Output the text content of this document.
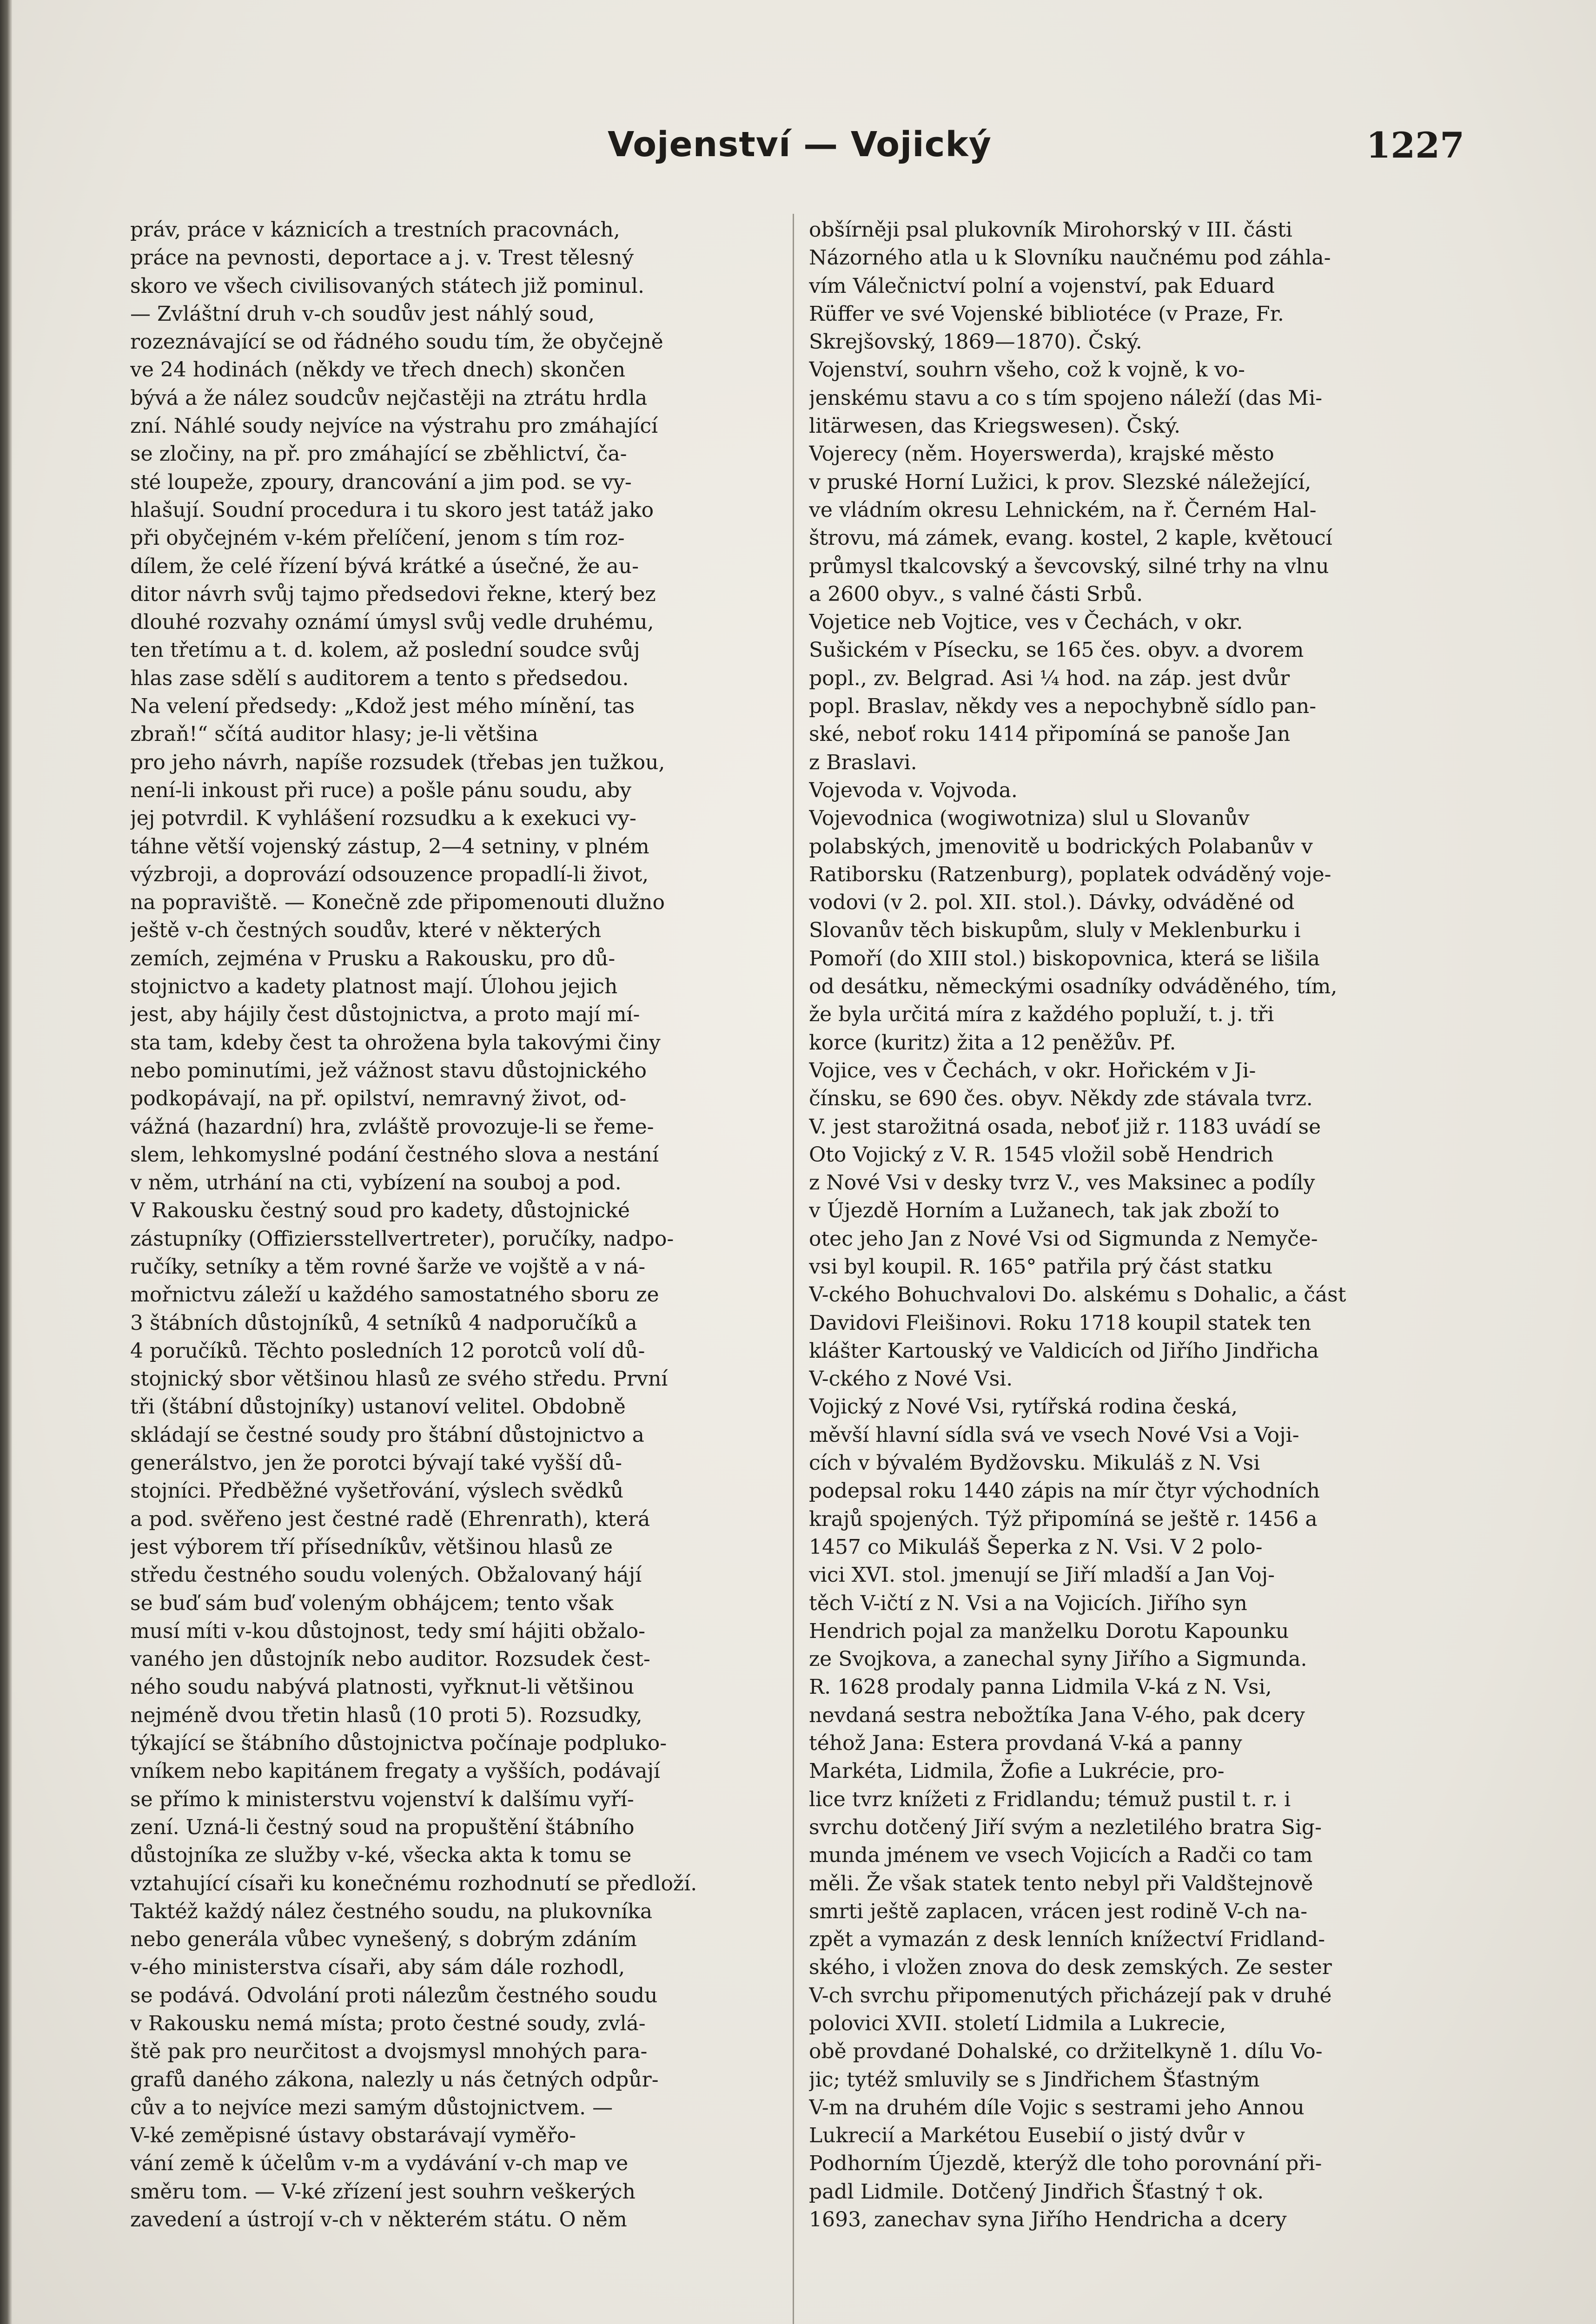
Vojenství — Vojický	1227
práv, práce v káznicích a trestních pracovnách,
práce na pevnosti, deportace a j. v. Trest tělesný
skoro ve všech civilisovaných státech již pominul.
— Zvláštní druh v-ch soudův jest náhlý soud,
rozeznávající se od řádného soudu tím, že obyčejně
ve 24 hodinách (někdy ve třech dnech) skončen
bývá a že nález soudcův nejčastěji na ztrátu hrdla
zní. Náhlé soudy nejvíce na výstrahu pro zmáhající
se zločiny, na př. pro zmáhající se zběhlictví, ča-
sté loupeže, zpoury, drancování a jim pod. se vy-
hlašují. Soudní procedura i tu skoro jest tatáž jako
při obyčejném v-kém přelíčení, jenom s tím roz-
dílem, že celé řízení bývá krátké a úsečné, že au-
ditor návrh svůj tajmo předsedovi řekne, který bez
dlouhé rozvahy oznámí úmysl svůj vedle druhému,
ten třetímu a t. d. kolem, až poslední soudce svůj
hlas zase sdělí s auditorem a tento s předsedou.
Na velení předsedy: „Kdož jest mého mínění, tas
zbraň!“ sčítá auditor hlasy; je-li většina
pro jeho návrh, napíše rozsudek (třebas jen tužkou,
není-li inkoust při ruce) a pošle pánu soudu, aby
jej potvrdil. K vyhlášení rozsudku a k exekuci vy-
táhne větší vojenský zástup, 2—4 setniny, v plném
výzbroji, a doprovází odsouzence propadlí-li život,
na popraviště. — Konečně zde připomenouti dlužno
ještě v-ch čestných soudův, které v některých
zemích, zejména v Prusku a Rakousku, pro dů-
stojnictvo a kadety platnost mají. Úlohou jejich
jest, aby hájily čest důstojnictva, a proto mají mí-
sta tam, kdeby čest ta ohrožena byla takovými činy
nebo pominutími, jež vážnost stavu důstojnického
podkopávají, na př. opilství, nemravný život, od-
vážná (hazardní) hra, zvláště provozuje-li se řeme-
slem, lehkomyslné podání čestného slova a nestání
v něm, utrhání na cti, vybízení na souboj a pod.
V Rakousku čestný soud pro kadety, důstojnické
zástupníky (Offiziersstellvertreter), poručíky, nadpo-
ručíky, setníky a těm rovné šarže ve vojště a v ná-
mořnictvu záleží u každého samostatného sboru ze
3 štábních důstojníků, 4 setníků 4 nadporučíků a
4 poručíků. Těchto posledních 12 porotců volí dů-
stojnický sbor většinou hlasů ze svého středu. První
tři (štábní důstojníky) ustanoví velitel. Obdobně
skládají se čestné soudy pro štábní důstojnictvo a
generálstvo, jen že porotci bývají také vyšší dů-
stojníci. Předběžné vyšetřování, výslech svědků
a pod. svěřeno jest čestné radě (Ehrenrath), která
jest výborem tří přísedníkův, většinou hlasů ze
středu čestného soudu volených. Obžalovaný hájí
se buď sám buď voleným obhájcem; tento však
musí míti v-kou důstojnost, tedy smí hájiti obžalo-
vaného jen důstojník nebo auditor. Rozsudek čest-
ného soudu nabývá platnosti, vyřknut-li většinou
nejméně dvou třetin hlasů (10 proti 5). Rozsudky,
týkající se štábního důstojnictva počínaje podpluko-
vníkem nebo kapitánem fregaty a vyšších, podávají
se přímo k ministerstvu vojenství k dalšímu vyří-
zení. Uzná-li čestný soud na propuštění štábního
důstojníka ze služby v-ké, všecka akta k tomu se
vztahující císaři ku konečnému rozhodnutí se předloží.
Taktéž každý nález čestného soudu, na plukovníka
nebo generála vůbec vynešený, s dobrým zdáním
v-ého ministerstva císaři, aby sám dále rozhodl,
se podává. Odvolání proti nálezům čestného soudu
v Rakousku nemá místa; proto čestné soudy, zvlá-
ště pak pro neurčitost a dvojsmysl mnohých para-
grafů daného zákona, nalezly u nás četných odpůr-
cův a to nejvíce mezi samým důstojnictvem. —
V-ké zeměpisné ústavy obstarávají vyměřo-
vání země k účelům v-m a vydávání v-ch map ve
směru tom. — V-ké zřízení jest souhrn veškerých
zavedení a ústrojí v-ch v některém státu. O něm
obšírněji psal plukovník Mirohorský v III. části
Názorného atla u k Slovníku naučnému pod záhla-
vím Válečnictví polní a vojenství, pak Eduard
Rüffer ve své Vojenské bibliotéce (v Praze, Fr.
Skrejšovský, 1869—1870). Čský.
Vojenství, souhrn všeho, což k vojně, k vo-
jenskému stavu a co s tím spojeno náleží (das Mi-
litärwesen, das Kriegswesen). Čský.
Vojerecy (něm. Hoyerswerda), krajské město
v pruské Horní Lužici, k prov. Slezské náležející,
ve vládním okresu Lehnickém, na ř. Černém Hal-
štrovu, má zámek, evang. kostel, 2 kaple, květoucí
průmysl tkalcovský a ševcovský, silné trhy na vlnu
a 2600 obyv., s valné části Srbů.
Vojetice neb Vojtice, ves v Čechách, v okr.
Sušickém v Písecku, se 165 čes. obyv. a dvorem
popl., zv. Belgrad. Asi ¼ hod. na záp. jest dvůr
popl. Braslav, někdy ves a nepochybně sídlo pan-
ské, neboť roku 1414 připomíná se panoše Jan
z Braslavi.
Vojevoda v. Vojvoda.
Vojevodnica (wogiwotniza) slul u Slovanův
polabských, jmenovitě u bodrických Polabanův v
Ratiborsku (Ratzenburg), poplatek odváděný voje-
vodovi (v 2. pol. XII. stol.). Dávky, odváděné od
Slovanův těch biskupům, sluly v Meklenburku i
Pomoří (do XIII stol.) biskopovnica, která se lišila
od desátku, německými osadníky odváděného, tím,
že byla určitá míra z každého popluží, t. j. tři
korce (kuritz) žita a 12 peněžův. Pf.
Vojice, ves v Čechách, v okr. Hořickém v Ji-
čínsku, se 690 čes. obyv. Někdy zde stávala tvrz.
V. jest starožitná osada, neboť již r. 1183 uvádí se
Oto Vojický z V. R. 1545 vložil sobě Hendrich
z Nové Vsi v desky tvrz V., ves Maksinec a podíly
v Újezdě Horním a Lužanech, tak jak zboží to
otec jeho Jan z Nové Vsi od Sigmunda z Nemyče-
vsi byl koupil. R. 165° patřila prý část statku
V-ckého Bohuchvalovi Do. alskému s Dohalic, a část
Davidovi Fleišinovi. Roku 1718 koupil statek ten
klášter Kartouský ve Valdicích od Jiřího Jindřicha
V-ckého z Nové Vsi.
Vojický z Nové Vsi, rytířská rodina česká,
měvší hlavní sídla svá ve vsech Nové Vsi a Voji-
cích v bývalém Bydžovsku. Mikuláš z N. Vsi
podepsal roku 1440 zápis na mír čtyr východních
krajů spojených. Týž připomíná se ještě r. 1456 a
1457 co Mikuláš Šeperka z N. Vsi. V 2 polo-
vici XVI. stol. jmenují se Jiří mladší a Jan Voj-
těch V-ičtí z N. Vsi a na Vojicích. Jiřího syn
Hendrich pojal za manželku Dorotu Kapounku
ze Svojkova, a zanechal syny Jiřího a Sigmunda.
R. 1628 prodaly panna Lidmila V-ká z N. Vsi,
nevdaná sestra nebožtíka Jana V-ého, pak dcery
téhož Jana: Estera provdaná V-ká a panny
Markéta, Lidmila, Žofie a Lukrécie, pro-
lice tvrz knížeti z Fridlandu; témuž pustil t. r. i
svrchu dotčený Jiří svým a nezletilého bratra Sig-
munda jménem ve vsech Vojicích a Radči co tam
měli. Že však statek tento nebyl při Valdštejnově
smrti ještě zaplacen, vrácen jest rodině V-ch na-
zpět a vymazán z desk lenních knížectví Fridland-
ského, i vložen znova do desk zemských. Ze sester
V-ch svrchu připomenutých přicházejí pak v druhé
polovici XVII. století Lidmila a Lukrecie,
obě provdané Dohalské, co držitelkyně 1. dílu Vo-
jic; tytéž smluvily se s Jindřichem Šťastným
V-m na druhém díle Vojic s sestrami jeho Annou
Lukrecií a Markétou Eusebií o jistý dvůr v
Podhorním Újezdě, kterýž dle toho porovnání při-
padl Lidmile. Dotčený Jindřich Šťastný † ok.
1693, zanechav syna Jiřího Hendricha a dcery
